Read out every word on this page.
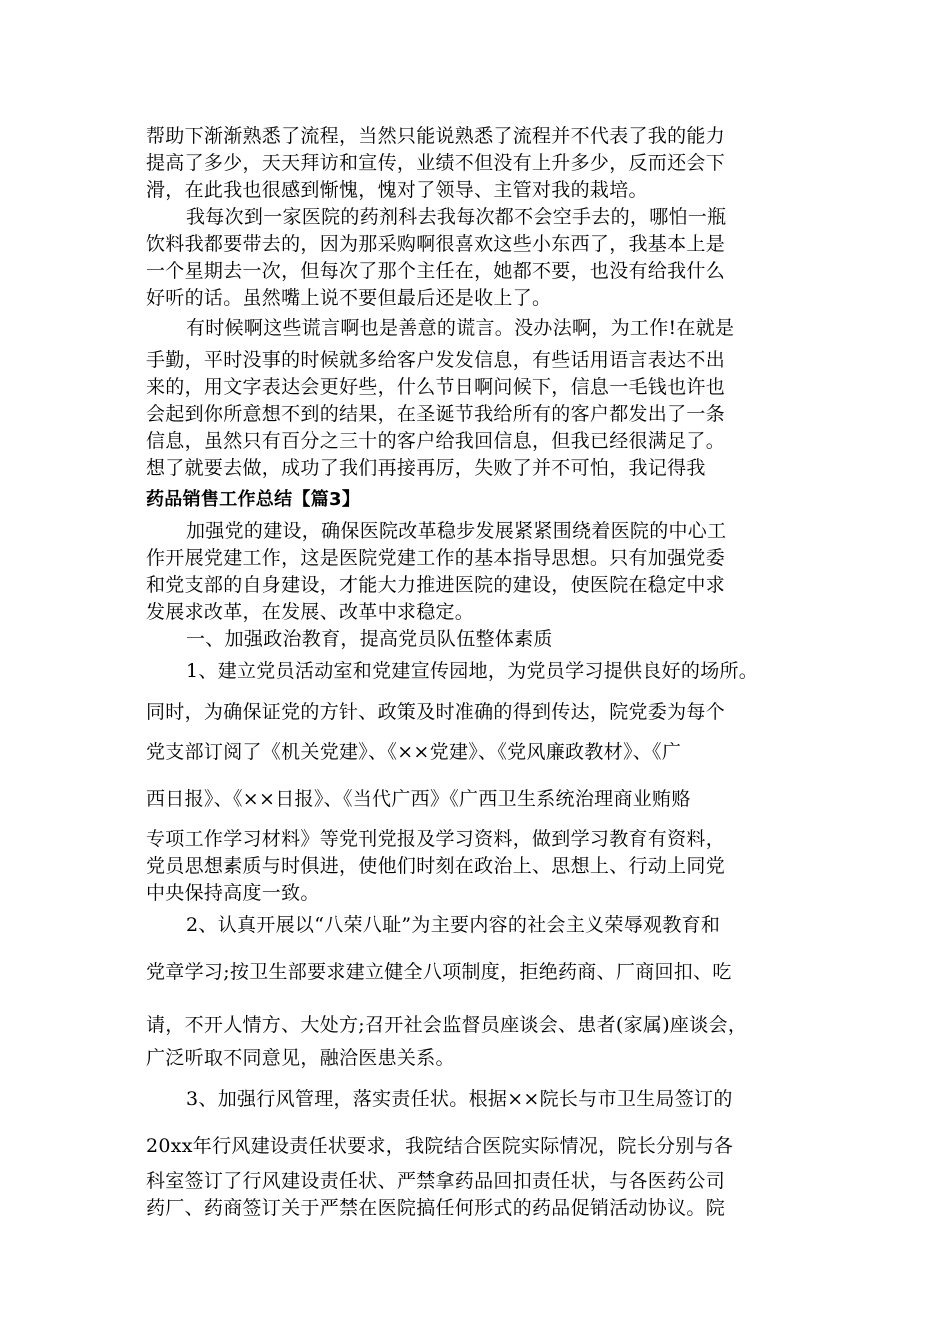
帮助下渐渐熟悉了流程，当然只能说熟悉了流程并不代表了我的能力

提高了多少，天天拜访和宣传，业绩不但没有上升多少，反而还会下

滑，在此我也很感到惭愧，愧对了领导、主管对我的栽培。

我每次到一家医院的药剂科去我每次都不会空手去的，哪怕一瓶

饮料我都要带去的，因为那采购啊很喜欢这些小东西了，我基本上是

一个星期去一次，但每次了那个主任在，她都不要，也没有给我什么

好听的话。虽然嘴上说不要但最后还是收上了。

有时候啊这些谎言啊也是善意的谎言。没办法啊，为工作!在就是

手勤，平时没事的时候就多给客户发发信息，有些话用语言表达不出

来的，用文字表达会更好些，什么节日啊问候下，信息一毛钱也许也

会起到你所意想不到的结果，在圣诞节我给所有的客户都发出了一条

信息，虽然只有百分之三十的客户给我回信息，但我已经很满足了。

想了就要去做，成功了我们再接再厉，失败了并不可怕，我记得我

药品销售工作总结【篇3】

加强党的建设，确保医院改革稳步发展紧紧围绕着医院的中心工

作开展党建工作，这是医院党建工作的基本指导思想。只有加强党委

和党支部的自身建设，才能大力推进医院的建设，使医院在稳定中求

发展求改革，在发展、改革中求稳定。

一、加强政治教育，提高党员队伍整体素质

1、建立党员活动室和党建宣传园地，为党员学习提供良好的场所。

同时，为确保证党的方针、政策及时准确的得到传达，院党委为每个

党支部订阅了《机关党建》、《××党建》、《党风廉政教材》、《广

西日报》、《××日报》、《当代广西》《广西卫生系统治理商业贿赂

专项工作学习材料》等党刊党报及学习资料，做到学习教育有资料，

党员思想素质与时俱进，使他们时刻在政治上、思想上、行动上同党

中央保持高度一致。

2、认真开展以“八荣八耻”为主要内容的社会主义荣辱观教育和

党章学习;按卫生部要求建立健全八项制度，拒绝药商、厂商回扣、吃

请，不开人情方、大处方;召开社会监督员座谈会、患者(家属)座谈会，

广泛听取不同意见，融洽医患关系。

3、加强行风管理，落实责任状。根据××院长与市卫生局签订的

20xx年行风建设责任状要求，我院结合医院实际情况，院长分别与各

科室签订了行风建设责任状、严禁拿药品回扣责任状，与各医药公司

药厂、药商签订关于严禁在医院搞任何形式的药品促销活动协议。院
